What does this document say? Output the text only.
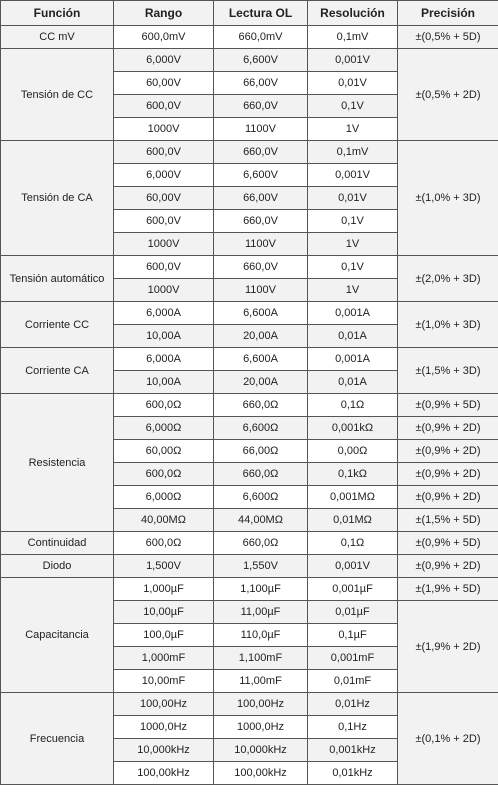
Función	Rango	Lectura OL	Resolución	Precisión
CC mV	600,0mV	660,0mV	0,1mV	±(0,5% + 5D)
Tensión de CC	6,000V	6,600V	0,001V	±(0,5% + 2D)
	60,00V	66,00V	0,01V	
	600,0V	660,0V	0,1V	
	1000V	1100V	1V	
Tensión de CA	600,0V	660,0V	0,1mV	±(1,0% + 3D)
	6,000V	6,600V	0,001V	
	60,00V	66,00V	0,01V	
	600,0V	660,0V	0,1V	
	1000V	1100V	1V	
Tensión automático	600,0V	660,0V	0,1V	±(2,0% + 3D)
	1000V	1100V	1V	
Corriente CC	6,000A	6,600A	0,001A	±(1,0% + 3D)
	10,00A	20,00A	0,01A	
Corriente CA	6,000A	6,600A	0,001A	±(1,5% + 3D)
	10,00A	20,00A	0,01A	
Resistencia	600,0Ω	660,0Ω	0,1Ω	±(0,9% + 5D)
	6,000Ω	6,600Ω	0,001kΩ	±(0,9% + 2D)
	60,00Ω	66,00Ω	0,00Ω	±(0,9% + 2D)
	600,0Ω	660,0Ω	0,1kΩ	±(0,9% + 2D)
	6,000Ω	6,600Ω	0,001MΩ	±(0,9% + 2D)
	40,00MΩ	44,00MΩ	0,01MΩ	±(1,5% + 5D)
Continuidad	600,0Ω	660,0Ω	0,1Ω	±(0,9% + 5D)
Diodo	1,500V	1,550V	0,001V	±(0,9% + 2D)
Capacitancia	1,000µF	1,100µF	0,001µF	±(1,9% + 5D)
	10,00µF	11,00µF	0,01µF	±(1,9% + 2D)
	100,0µF	110,0µF	0,1µF	
	1,000mF	1,100mF	0,001mF	
	10,00mF	11,00mF	0,01mF	
Frecuencia	100,00Hz	100,00Hz	0,01Hz	±(0,1% + 2D)
	1000,0Hz	1000,0Hz	0,1Hz	
	10,000kHz	10,000kHz	0,001kHz	
	100,00kHz	100,00kHz	0,01kHz	
